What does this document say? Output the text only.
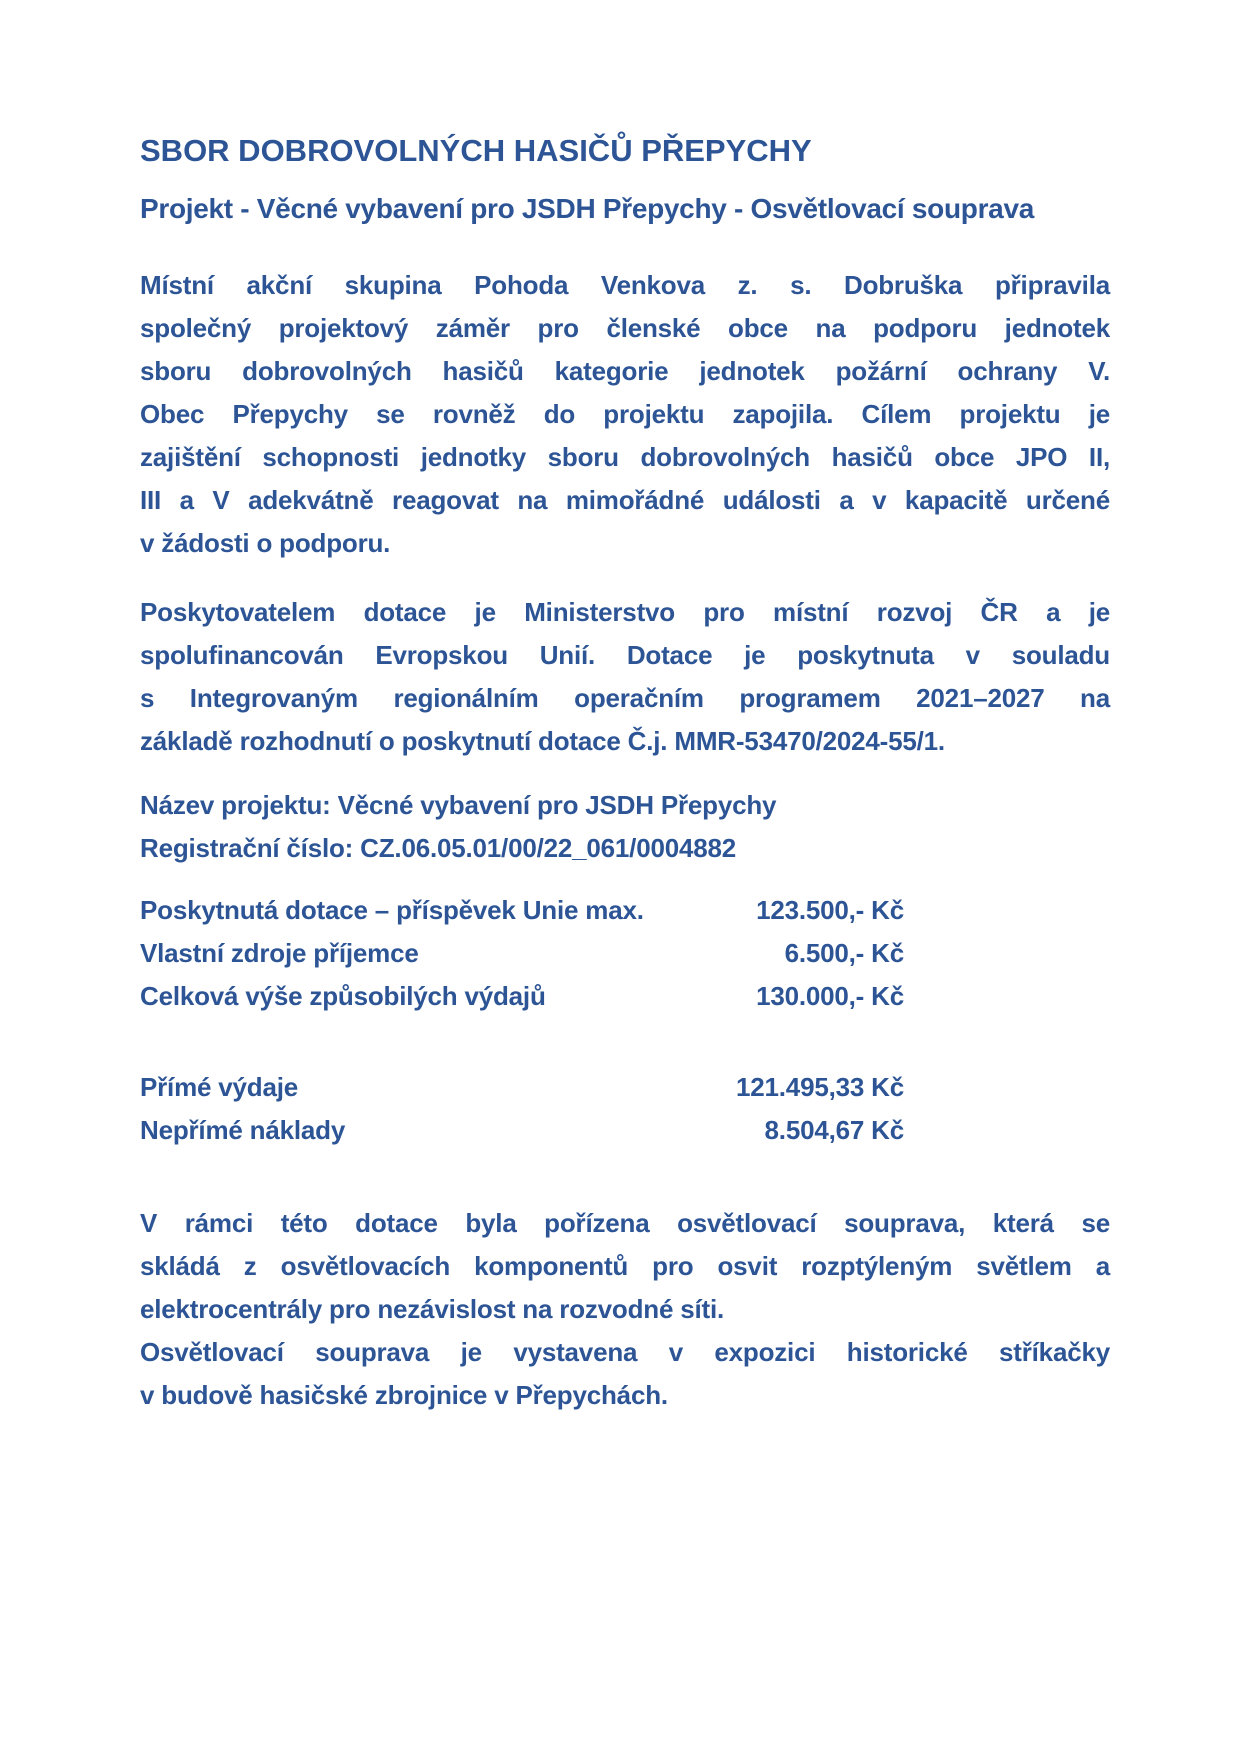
SBOR DOBROVOLNÝCH HASIČŮ PŘEPYCHY
Projekt - Věcné vybavení pro JSDH Přepychy - Osvětlovací souprava
Místní akční skupina Pohoda Venkova z. s. Dobruška připravila
společný projektový záměr pro členské obce na podporu jednotek
sboru dobrovolných hasičů kategorie jednotek požární ochrany V.
Obec Přepychy se rovněž do projektu zapojila. Cílem projektu je
zajištění schopnosti jednotky sboru dobrovolných hasičů obce JPO II,
III a V adekvátně reagovat na mimořádné události a v kapacitě určené
v žádosti o podporu.
Poskytovatelem dotace je Ministerstvo pro místní rozvoj ČR a je
spolufinancován Evropskou Unií. Dotace je poskytnuta v souladu
s Integrovaným regionálním operačním programem 2021–2027 na
základě rozhodnutí o poskytnutí dotace Č.j. MMR-53470/2024-55/1.
Název projektu: Věcné vybavení pro JSDH Přepychy
Registrační číslo: CZ.06.05.01/00/22_061/0004882
Poskytnutá dotace – příspěvek Unie max.	123.500,- Kč
Vlastní zdroje příjemce	6.500,- Kč
Celková výše způsobilých výdajů	130.000,- Kč
Přímé výdaje	121.495,33 Kč
Nepřímé náklady	8.504,67 Kč
V rámci této dotace byla pořízena osvětlovací souprava, která se
skládá z osvětlovacích komponentů pro osvit rozptýleným světlem a
elektrocentrály pro nezávislost na rozvodné síti.
Osvětlovací souprava je vystavena v expozici historické stříkačky
v budově hasičské zbrojnice v Přepychách.
